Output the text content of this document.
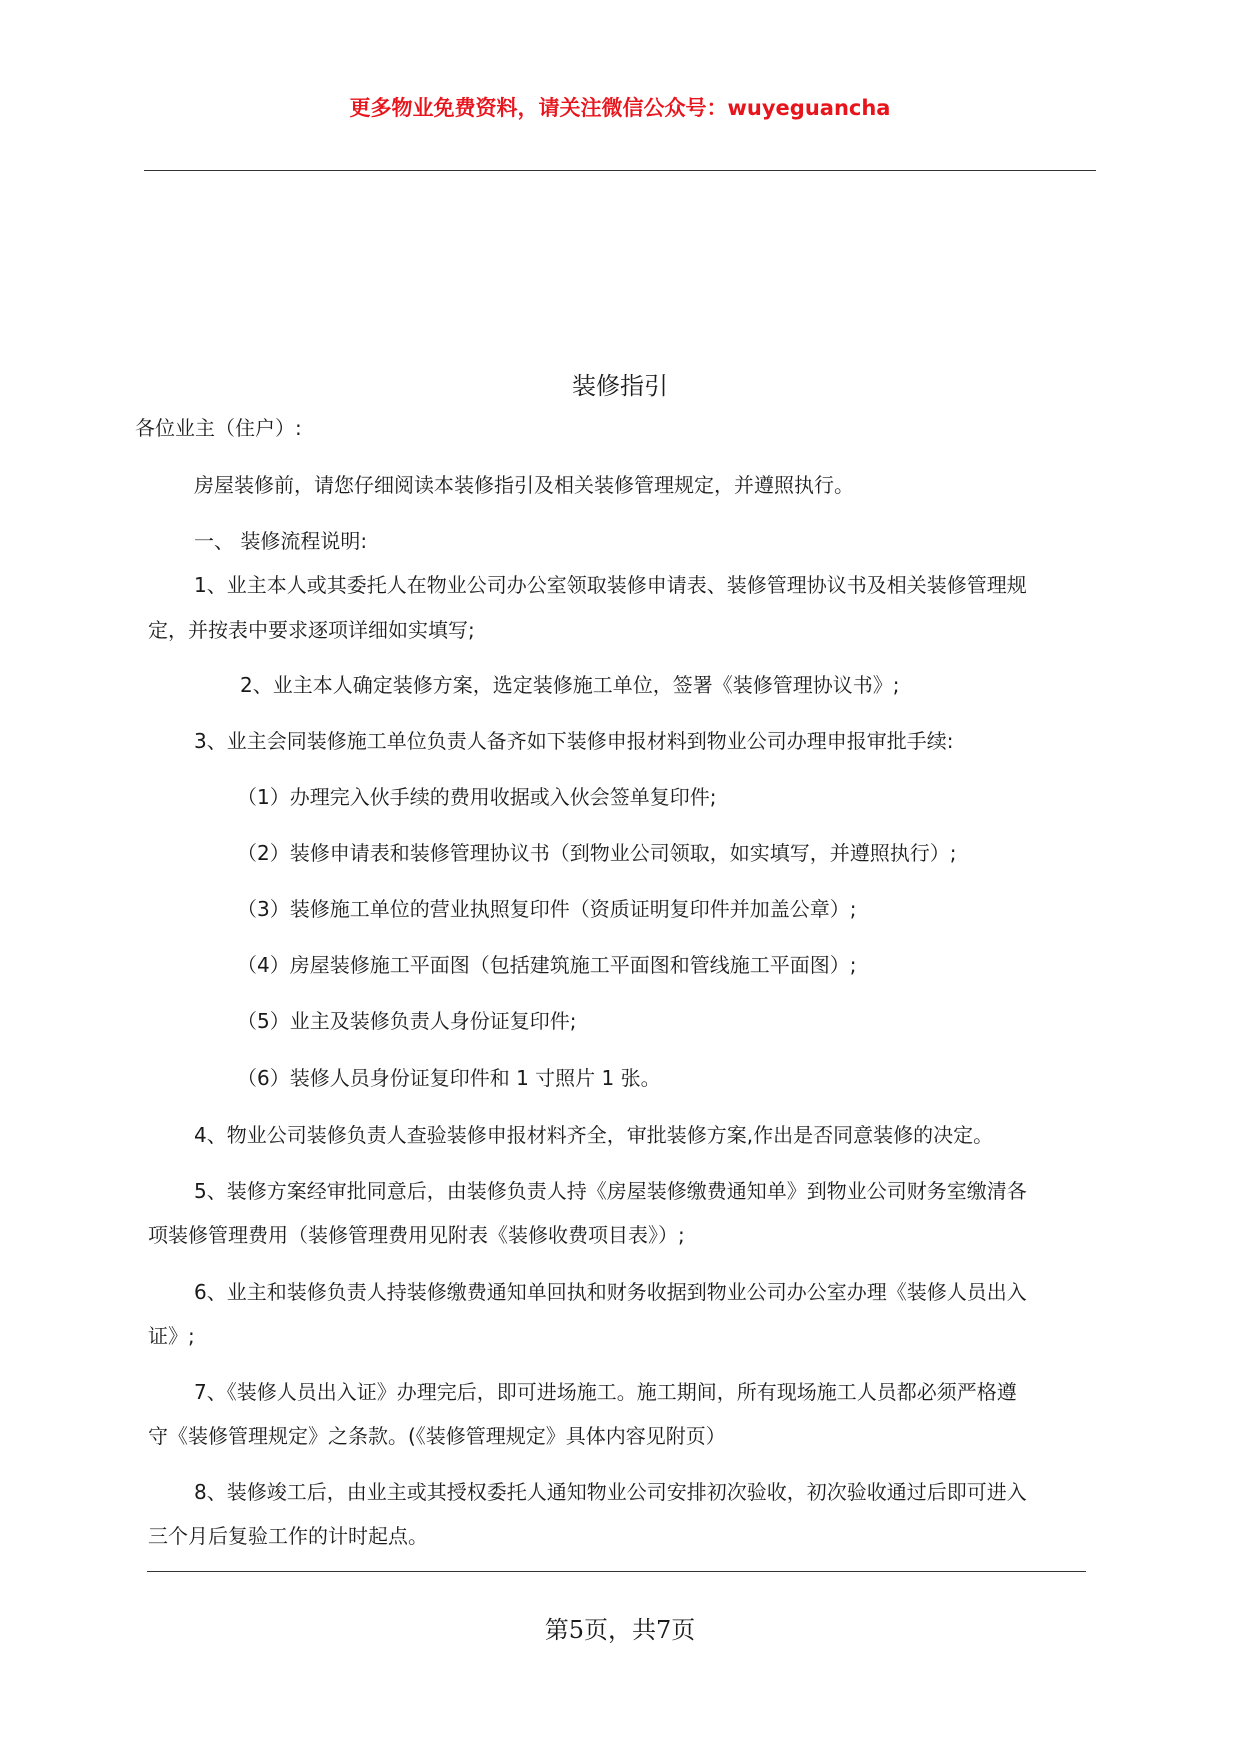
更多物业免费资料，请关注微信公众号：wuyeguancha
装修指引
各位业主（住户）:
房屋装修前，请您仔细阅读本装修指引及相关装修管理规定，并遵照执行。
一、 装修流程说明:
1、业主本人或其委托人在物业公司办公室领取装修申请表、装修管理协议书及相关装修管理规
定，并按表中要求逐项详细如实填写;
2、业主本人确定装修方案，选定装修施工单位，签署《装修管理协议书》;
3、业主会同装修施工单位负责人备齐如下装修申报材料到物业公司办理申报审批手续:
（1）办理完入伙手续的费用收据或入伙会签单复印件;
（2）装修申请表和装修管理协议书（到物业公司领取，如实填写，并遵照执行）;
（3）装修施工单位的营业执照复印件（资质证明复印件并加盖公章）;
（4）房屋装修施工平面图（包括建筑施工平面图和管线施工平面图）;
（5）业主及装修负责人身份证复印件;
（6）装修人员身份证复印件和 1 寸照片 1 张。
4、物业公司装修负责人查验装修申报材料齐全，审批装修方案,作出是否同意装修的决定。
5、装修方案经审批同意后，由装修负责人持《房屋装修缴费通知单》到物业公司财务室缴清各
项装修管理费用（装修管理费用见附表《装修收费项目表》）;
6、业主和装修负责人持装修缴费通知单回执和财务收据到物业公司办公室办理《装修人员出入
证》;
7、《装修人员出入证》办理完后，即可进场施工。施工期间，所有现场施工人员都必须严格遵
守《装修管理规定》之条款。(《装修管理规定》具体内容见附页）
8、装修竣工后，由业主或其授权委托人通知物业公司安排初次验收，初次验收通过后即可进入
三个月后复验工作的计时起点。
第5页，共7页
